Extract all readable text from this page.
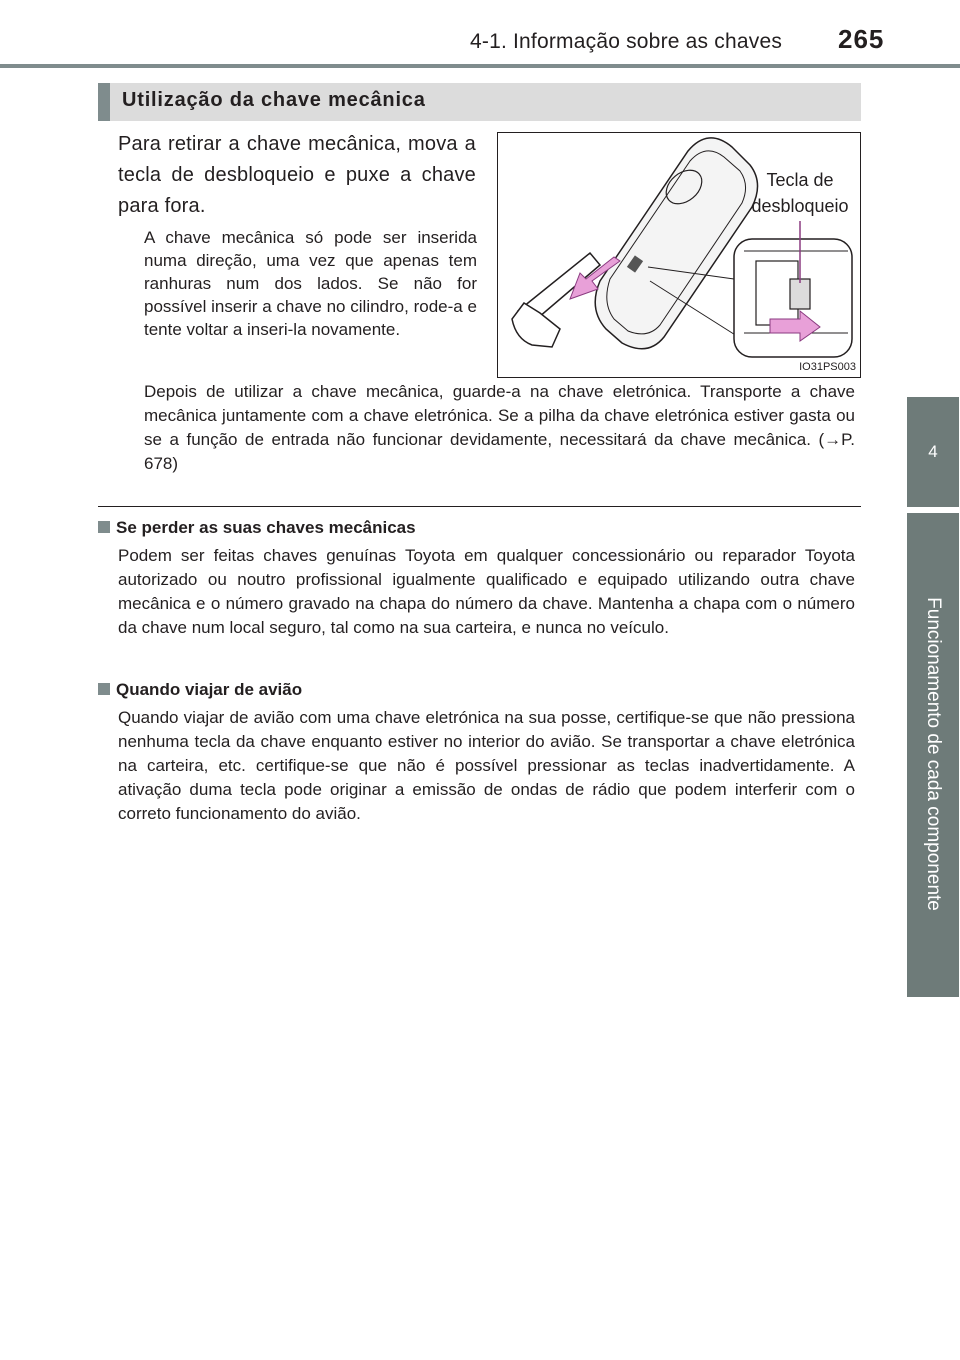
4-1. Informação sobre as chaves	265
4
Funcionamento de cada componente
Utilização da chave mecânica
Para retirar a chave mecânica, mova a tecla de desbloqueio e puxe a chave para fora.
A chave mecânica só pode ser inserida numa direção, uma vez que apenas tem ranhuras num dos lados. Se não for possível inserir a chave no cilindro, rode-a e tente voltar a inseri-la novamente.
Tecla de desbloqueio
IO31PS003
Depois de utilizar a chave mecânica, guarde-a na chave eletrónica. Transporte a chave mecânica juntamente com a chave eletrónica. Se a pilha da chave eletrónica estiver gasta ou se a função de entrada não funcionar devidamente, necessitará da chave mecânica. (→P. 678)
Se perder as suas chaves mecânicas
Podem ser feitas chaves genuínas Toyota em qualquer concessionário ou reparador Toyota autorizado ou noutro profissional igualmente qualificado e equipado utilizando outra chave mecânica e o número gravado na chapa do número da chave. Mantenha a chapa com o número da chave num local seguro, tal como na sua carteira, e nunca no veículo.
Quando viajar de avião
Quando viajar de avião com uma chave eletrónica na sua posse, certifique-se que não pressiona nenhuma tecla da chave enquanto estiver no interior do avião. Se transportar a chave eletrónica na carteira, etc. certifique-se que não é possível pressionar as teclas inadvertidamente. A ativação duma tecla pode originar a emissão de ondas de rádio que podem interferir com o correto funcionamento do avião.
